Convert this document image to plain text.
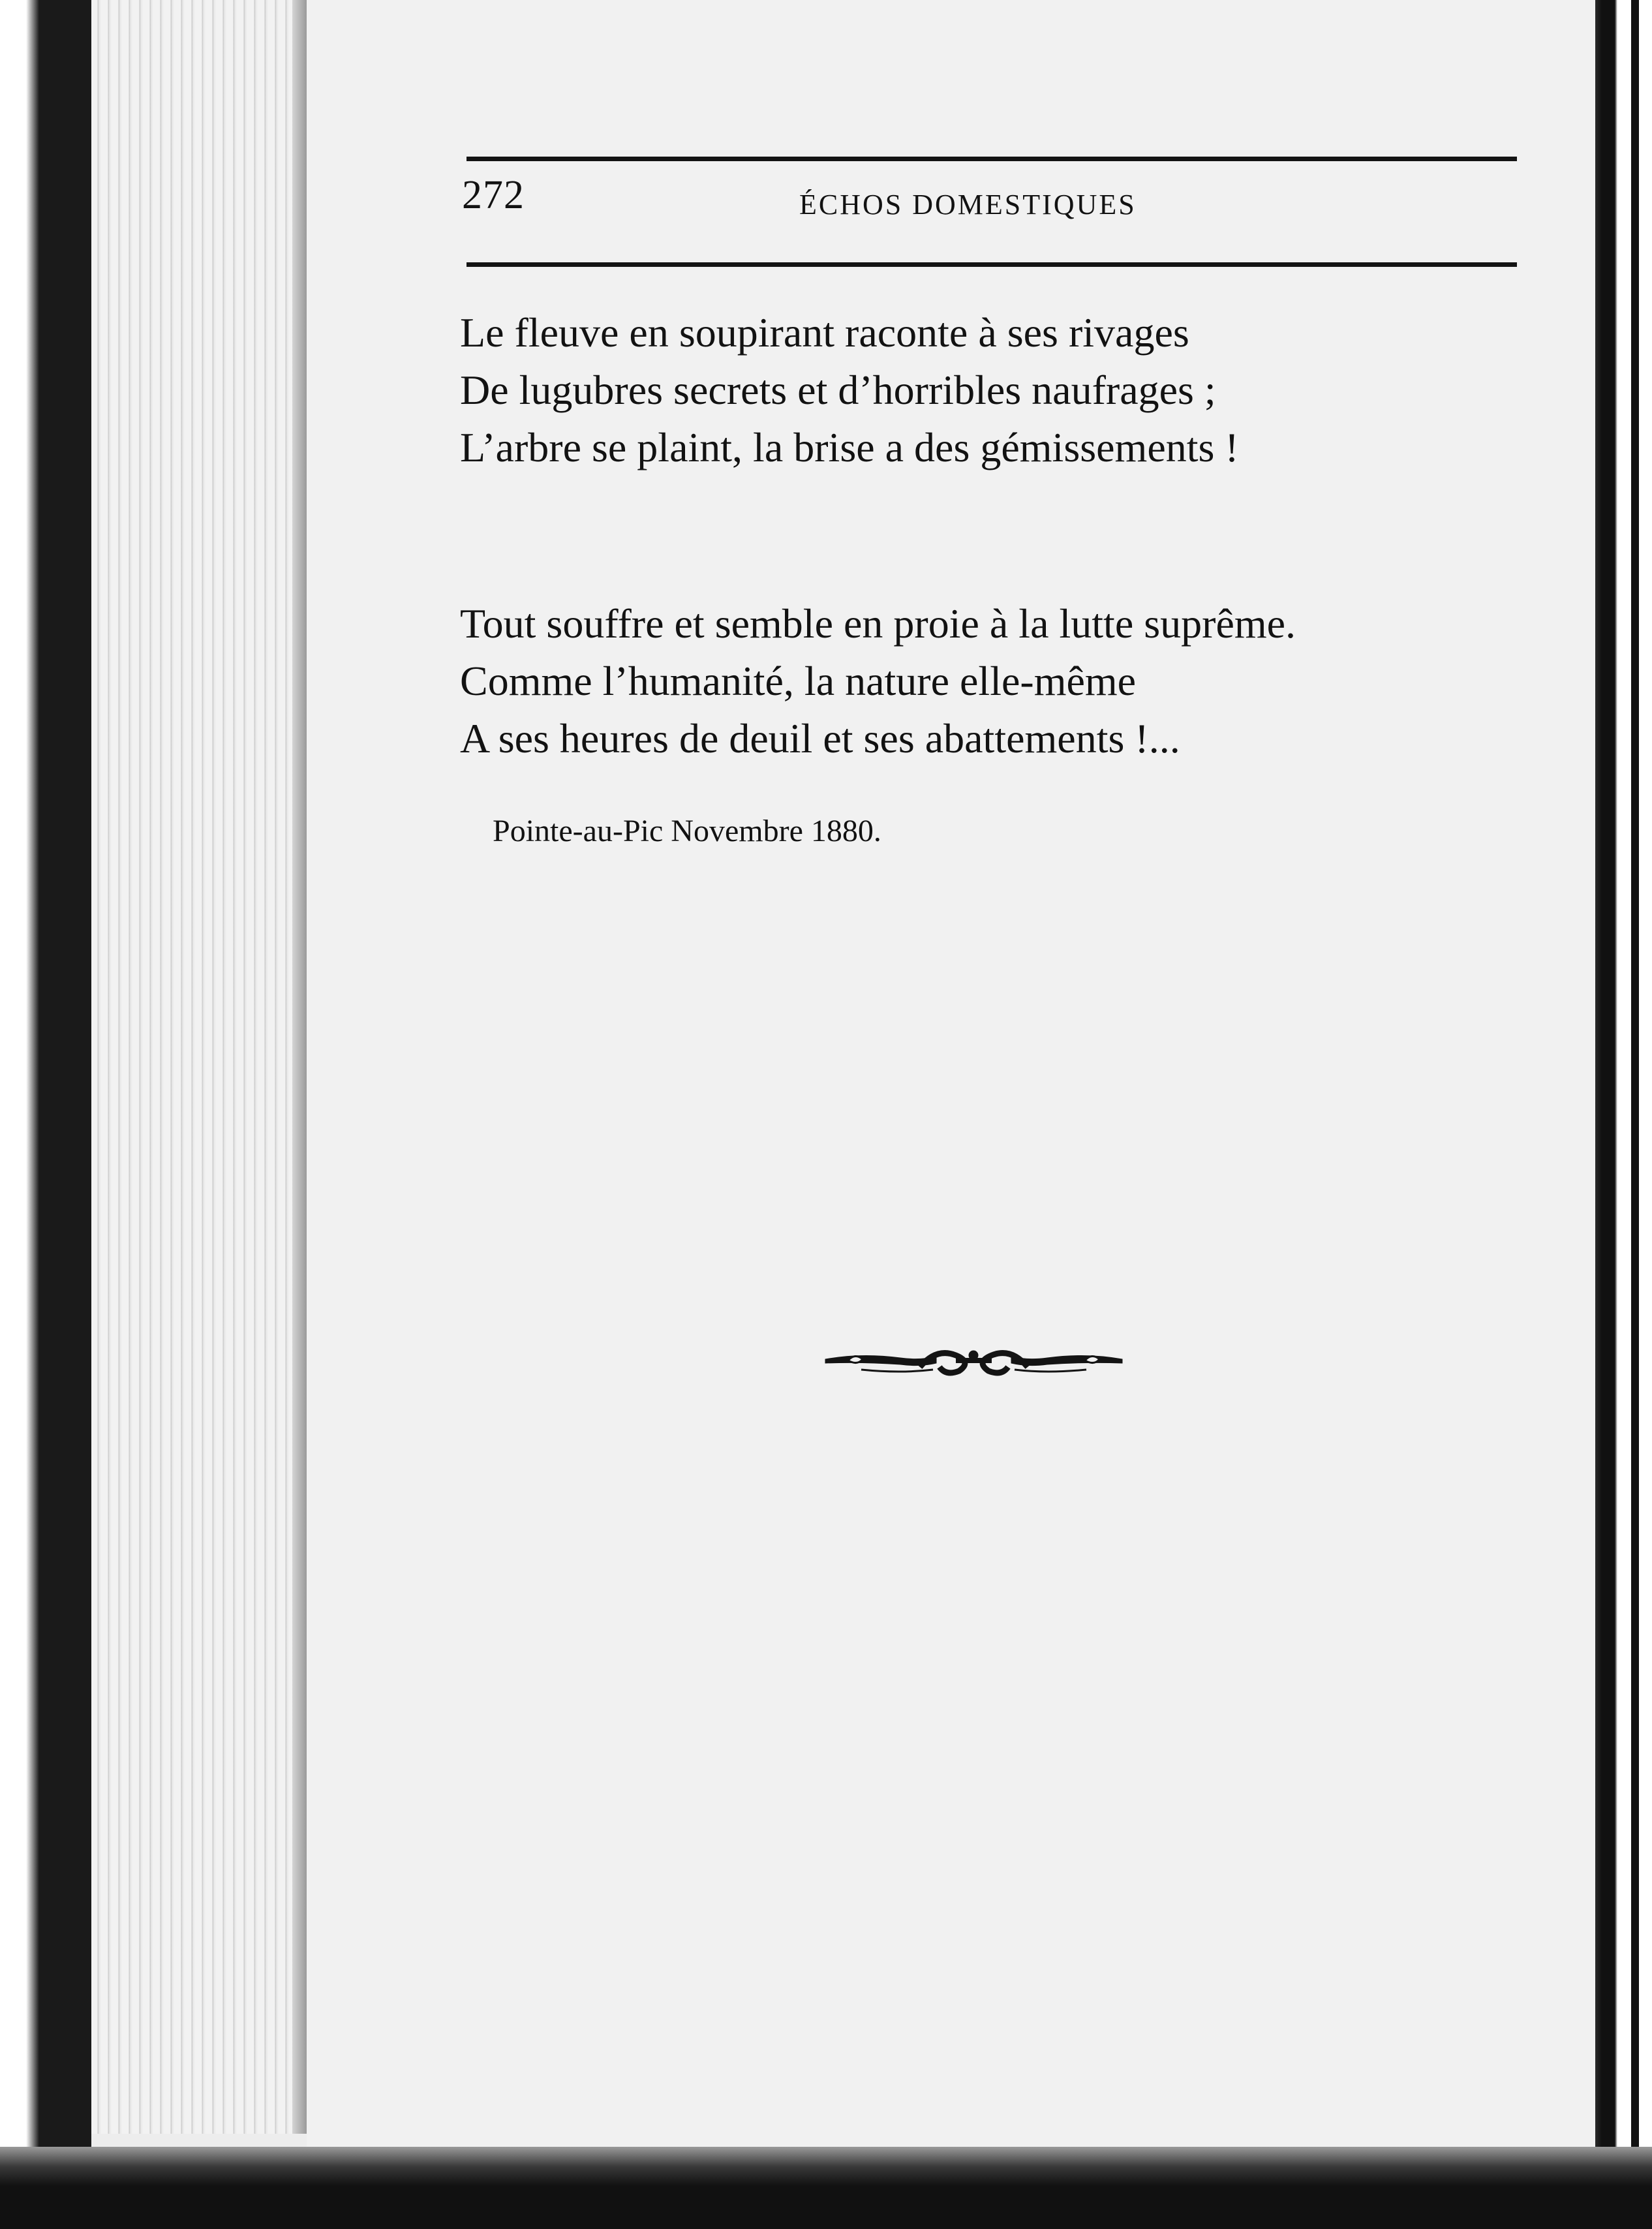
272	ÉCHOS DOMESTIQUES
Le fleuve en soupirant raconte à ses rivages
De lugubres secrets et d’horribles naufrages ;
L’arbre se plaint, la brise a des gémissements !
Tout souffre et semble en proie à la lutte suprême.
Comme l’humanité, la nature elle-même
A ses heures de deuil et ses abattements !...
Pointe-au-Pic Novembre 1880.
